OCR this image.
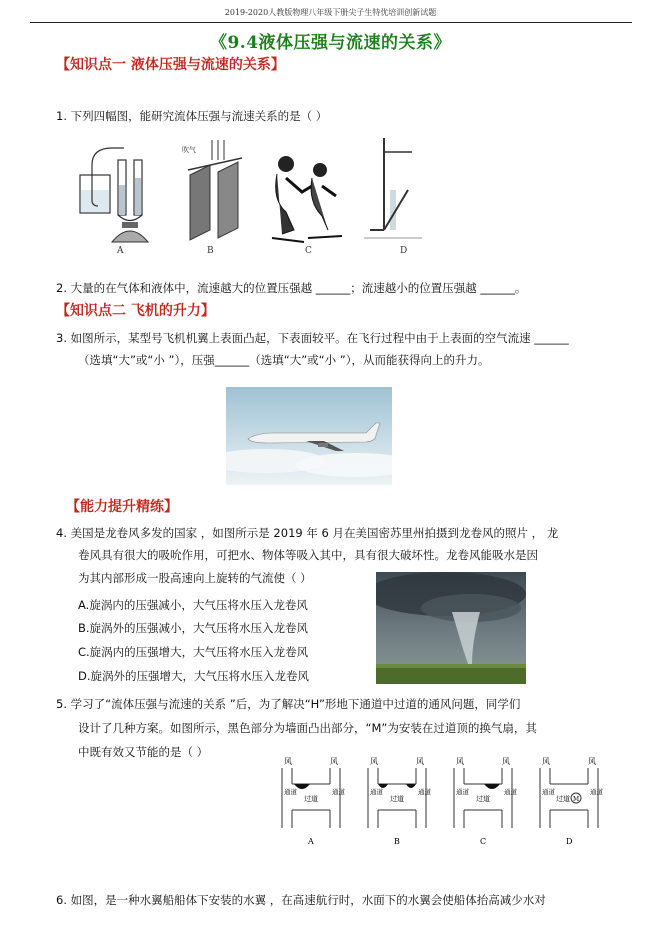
2019-2020人教版物理八年级下册尖子生特优培训创新试题
《9.4液体压强与流速的关系》
【知识点一 液体压强与流速的关系】
1. 下列四幅图，能研究流体压强与流速关系的是（ ）
A
吹气
B	C	D
2. 大量的在气体和液体中，流速越大的位置压强越 ______；流速越小的位置压强越 ______。
【知识点二 飞机的升力】
3. 如图所示，某型号飞机机翼上表面凸起，下表面较平。在飞行过程中由于上表面的空气流速 ______
（选填“大”或“小 ”），压强______（选填“大”或“小 ”），从而能获得向上的升力。
【能力提升精练】
4. 美国是龙卷风多发的国家 ，如图所示是 2019 年 6 月在美国密苏里州拍摄到龙卷风的照片 ， 龙
卷风具有很大的吸吮作用，可把水、物体等吸入其中，具有很大破坏性。龙卷风能吸水是因
为其内部形成一股高速向上旋转的气流使（ ）
A.旋涡内的压强减小，大气压将水压入龙卷风
B.旋涡外的压强减小，大气压将水压入龙卷风
C.旋涡内的压强增大，大气压将水压入龙卷风
D.旋涡外的压强增大，大气压将水压入龙卷风
5. 学习了“流体压强与流速的关系 ”后，为了解决“H”形地下通道中过道的通风问题，同学们
设计了几种方案。如图所示，黑色部分为墙面凸出部分，“M”为安装在过道顶的换气扇，其
中既有效又节能的是（ ）
风	风
通道	通道
过道
A
风	风
通道	通道
过道
B
风	风
通道	通道
过道
C
风	风
通道	通道
过道 M
D
6. 如图，是一种水翼船船体下安装的水翼 ，在高速航行时，水面下的水翼会使船体抬高减少水对
